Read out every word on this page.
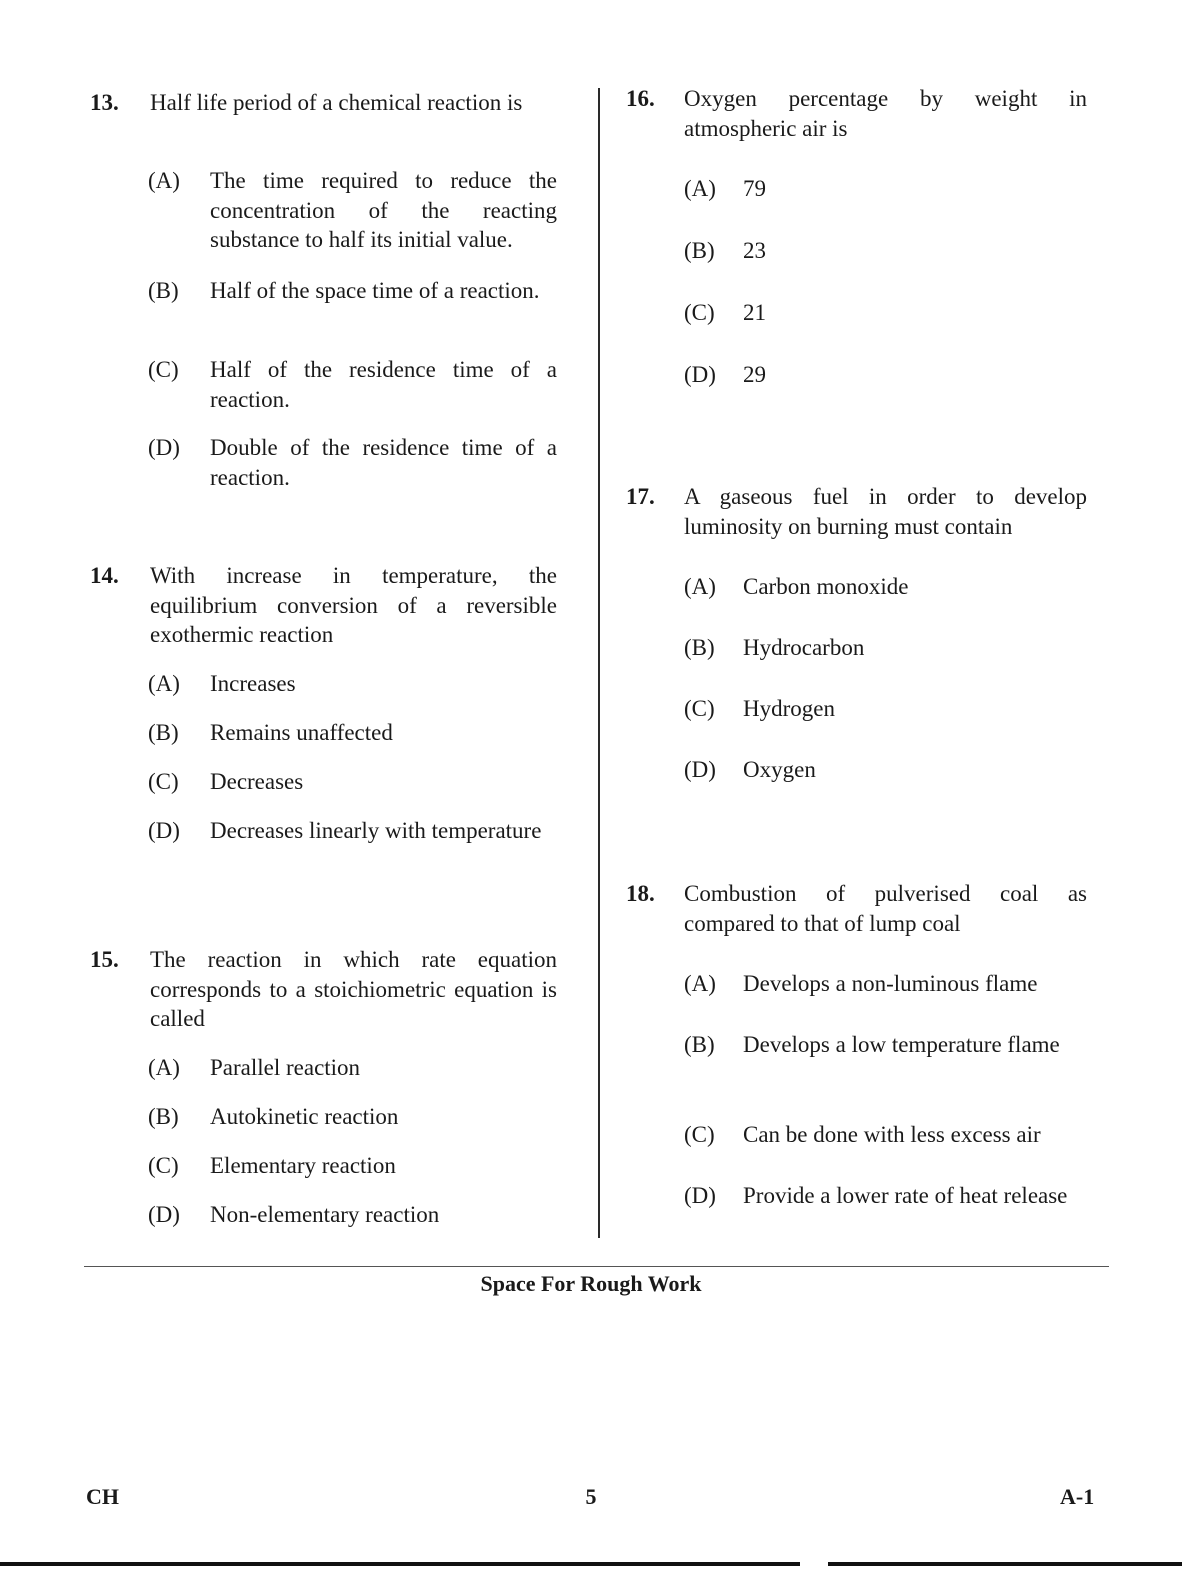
13. Half life period of a chemical reaction is
(A) The time required to reduce the concentration of the reacting substance to half its initial value.
(B) Half of the space time of a reaction.
(C) Half of the residence time of a reaction.
(D) Double of the residence time of a reaction.
14. With increase in temperature, the equilibrium conversion of a reversible exothermic reaction
(A) Increases
(B) Remains unaffected
(C) Decreases
(D) Decreases linearly with temperature
15. The reaction in which rate equation corresponds to a stoichiometric equation is called
(A) Parallel reaction
(B) Autokinetic reaction
(C) Elementary reaction
(D) Non-elementary reaction
16. Oxygen percentage by weight in atmospheric air is
(A) 79
(B) 23
(C) 21
(D) 29
17. A gaseous fuel in order to develop luminosity on burning must contain
(A) Carbon monoxide
(B) Hydrocarbon
(C) Hydrogen
(D) Oxygen
18. Combustion of pulverised coal as compared to that of lump coal
(A) Develops a non-luminous flame
(B) Develops a low temperature flame
(C) Can be done with less excess air
(D) Provide a lower rate of heat release
Space For Rough Work
CH	5	A-1
